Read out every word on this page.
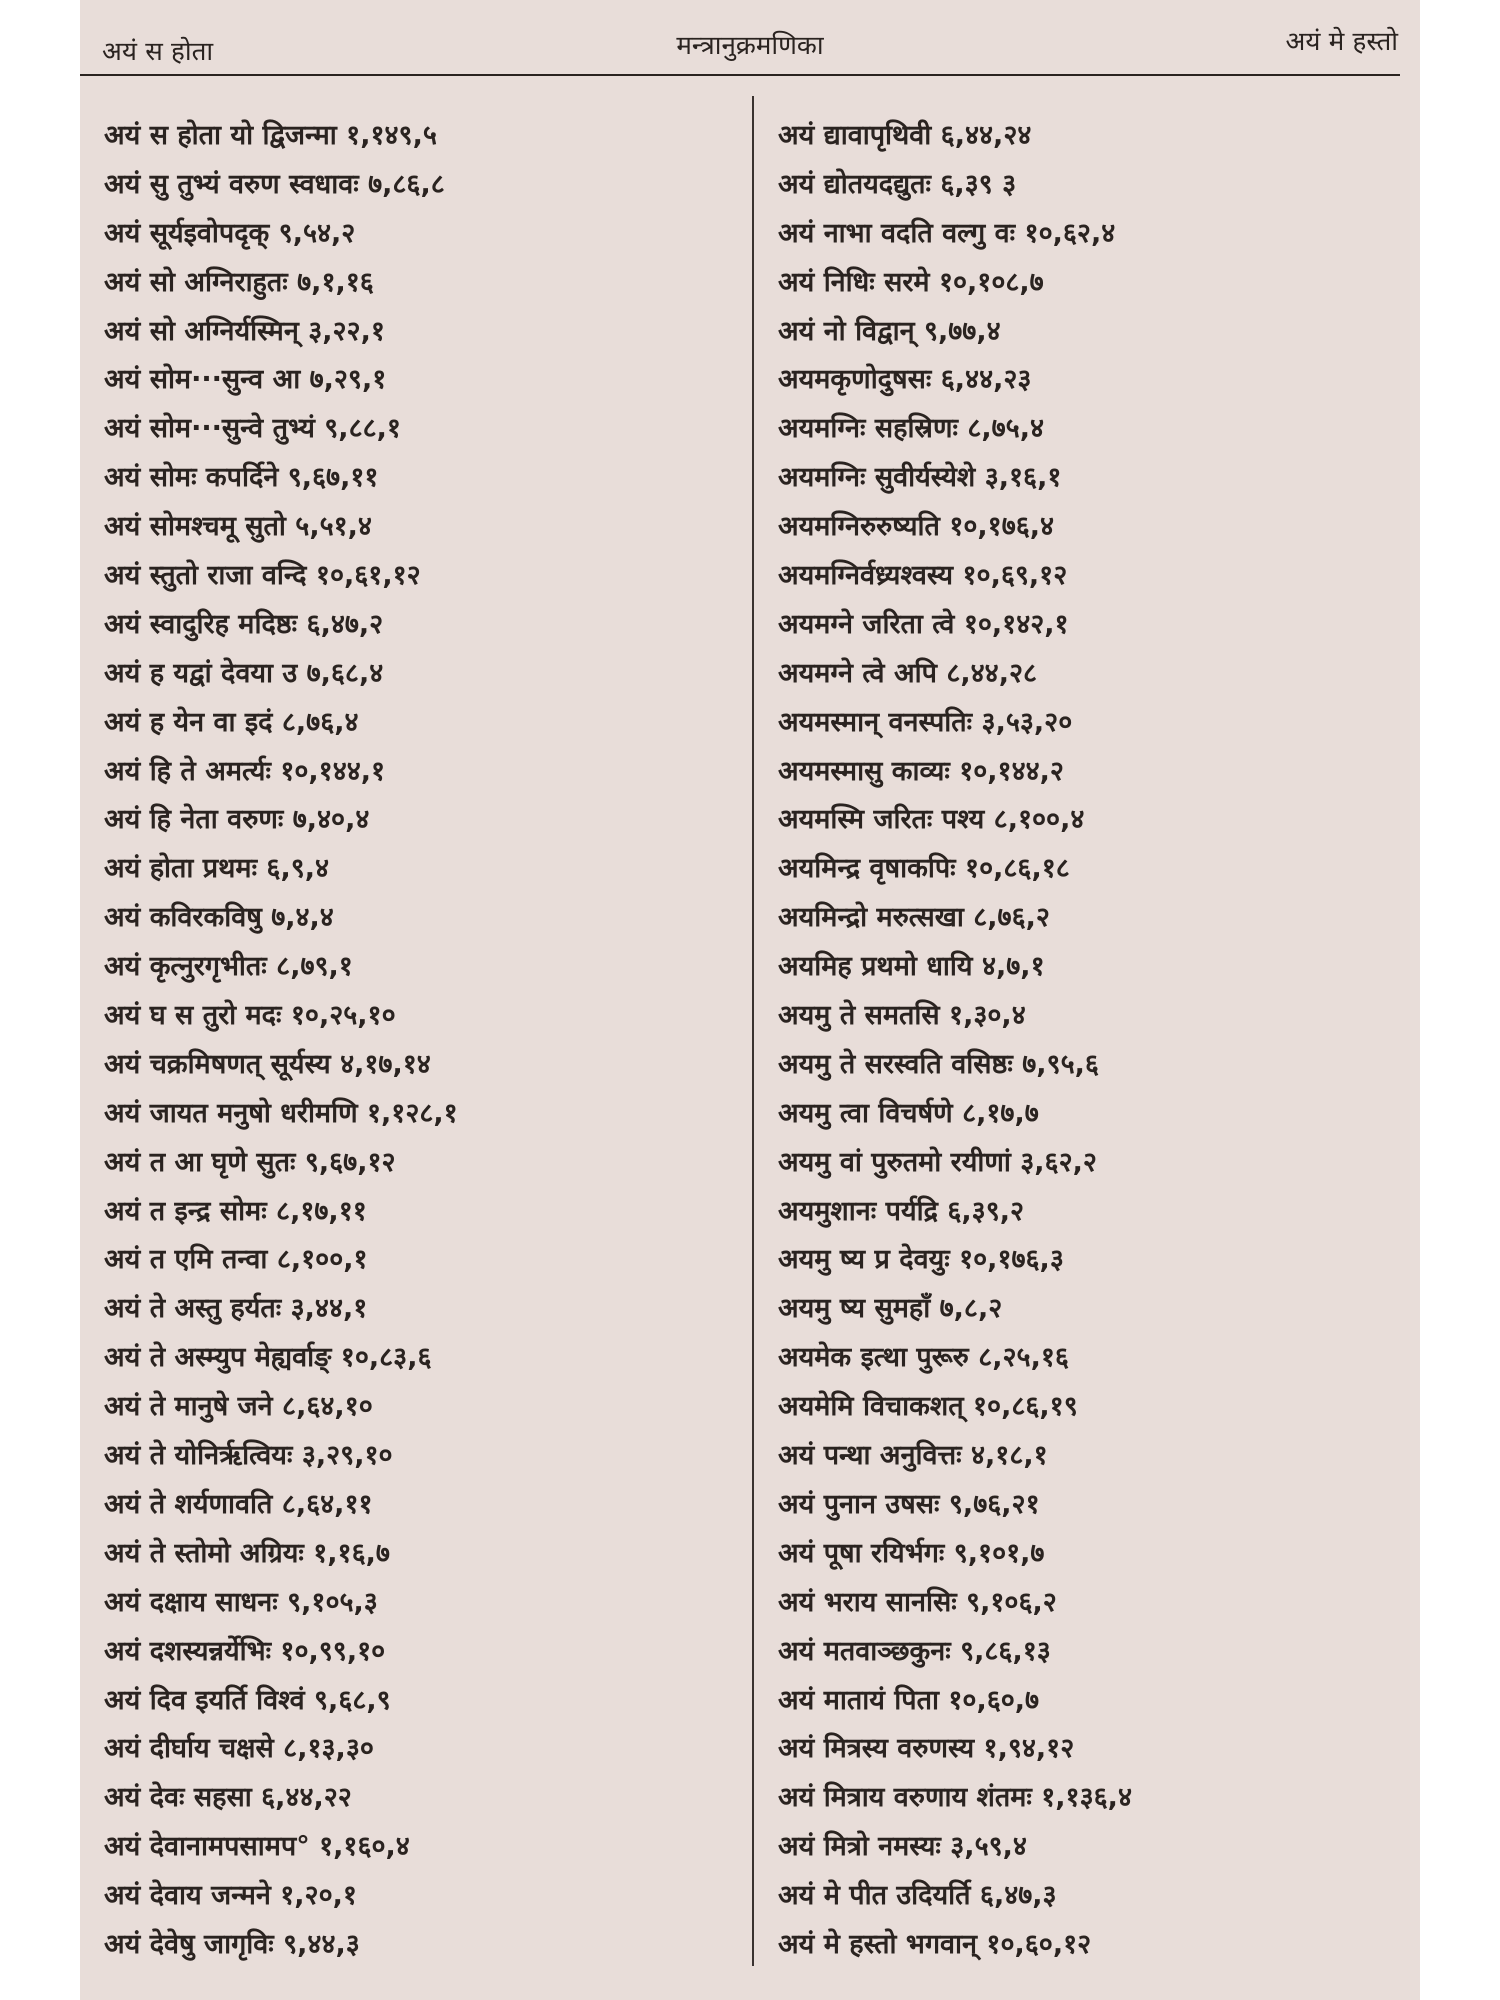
अयं स होता	मन्त्रानुक्रमणिका	अयं मे हस्तो
अयं स होता यो द्विजन्मा १,१४९,५
अयं सु तुभ्यं वरुण स्वधावः ७,८६,८
अयं सूर्यइवोपदृक् ९,५४,२
अयं सो अग्निराहुतः ७,१,१६
अयं सो अग्निर्यस्मिन् ३,२२,१
अयं सोम···सुन्व आ ७,२९,१
अयं सोम···सुन्वे तुभ्यं ९,८८,१
अयं सोमः कपर्दिने ९,६७,११
अयं सोमश्चमू सुतो ५,५१,४
अयं स्तुतो राजा वन्दि १०,६१,१२
अयं स्वादुरिह मदिष्ठः ६,४७,२
अयं ह यद्वां देवया उ ७,६८,४
अयं ह येन वा इदं ८,७६,४
अयं हि ते अमर्त्यः १०,१४४,१
अयं हि नेता वरुणः ७,४०,४
अयं होता प्रथमः ६,९,४
अयं कविरकविषु ७,४,४
अयं कृत्नुरगृभीतः ८,७९,१
अयं घ स तुरो मदः १०,२५,१०
अयं चक्रमिषणत् सूर्यस्य ४,१७,१४
अयं जायत मनुषो धरीमणि १,१२८,१
अयं त आ घृणे सुतः ९,६७,१२
अयं त इन्द्र सोमः ८,१७,११
अयं त एमि तन्वा ८,१००,१
अयं ते अस्तु हर्यतः ३,४४,१
अयं ते अस्म्युप मेह्यर्वाङ् १०,८३,६
अयं ते मानुषे जने ८,६४,१०
अयं ते योनिर्ऋत्वियः ३,२९,१०
अयं ते शर्यणावति ८,६४,११
अयं ते स्तोमो अग्रियः १,१६,७
अयं दक्षाय साधनः ९,१०५,३
अयं दशस्यन्नर्येभिः १०,९९,१०
अयं दिव इयर्ति विश्वं ९,६८,९
अयं दीर्घाय चक्षसे ८,१३,३०
अयं देवः सहसा ६,४४,२२
अयं देवानामपसामप° १,१६०,४
अयं देवाय जन्मने १,२०,१
अयं देवेषु जागृविः ९,४४,३
अयं द्यावापृथिवी ६,४४,२४
अयं द्योतयदद्युतः ६,३९ ३
अयं नाभा वदति वल्गु वः १०,६२,४
अयं निधिः सरमे १०,१०८,७
अयं नो विद्वान् ९,७७,४
अयमकृणोदुषसः ६,४४,२३
अयमग्निः सहस्रिणः ८,७५,४
अयमग्निः सुवीर्यस्येशे ३,१६,१
अयमग्निरुरुष्यति १०,१७६,४
अयमग्निर्वध्र्यश्वस्य १०,६९,१२
अयमग्ने जरिता त्वे १०,१४२,१
अयमग्ने त्वे अपि ८,४४,२८
अयमस्मान् वनस्पतिः ३,५३,२०
अयमस्मासु काव्यः १०,१४४,२
अयमस्मि जरितः पश्य ८,१००,४
अयमिन्द्र वृषाकपिः १०,८६,१८
अयमिन्द्रो मरुत्सखा ८,७६,२
अयमिह प्रथमो धायि ४,७,१
अयमु ते समतसि १,३०,४
अयमु ते सरस्वति वसिष्ठः ७,९५,६
अयमु त्वा विचर्षणे ८,१७,७
अयमु वां पुरुतमो रयीणां ३,६२,२
अयमुशानः पर्यद्रि ६,३९,२
अयमु ष्य प्र देवयुः १०,१७६,३
अयमु ष्य सुमहाँ ७,८,२
अयमेक इत्था पुरूरु ८,२५,१६
अयमेमि विचाकशत् १०,८६,१९
अयं पन्था अनुवित्तः ४,१८,१
अयं पुनान उषसः ९,७६,२१
अयं पूषा रयिर्भगः ९,१०१,७
अयं भराय सानसिः ९,१०६,२
अयं मतवाञ्छकुनः ९,८६,१३
अयं मातायं पिता १०,६०,७
अयं मित्रस्य वरुणस्य १,९४,१२
अयं मित्राय वरुणाय शंतमः १,१३६,४
अयं मित्रो नमस्यः ३,५९,४
अयं मे पीत उदियर्ति ६,४७,३
अयं मे हस्तो भगवान् १०,६०,१२
